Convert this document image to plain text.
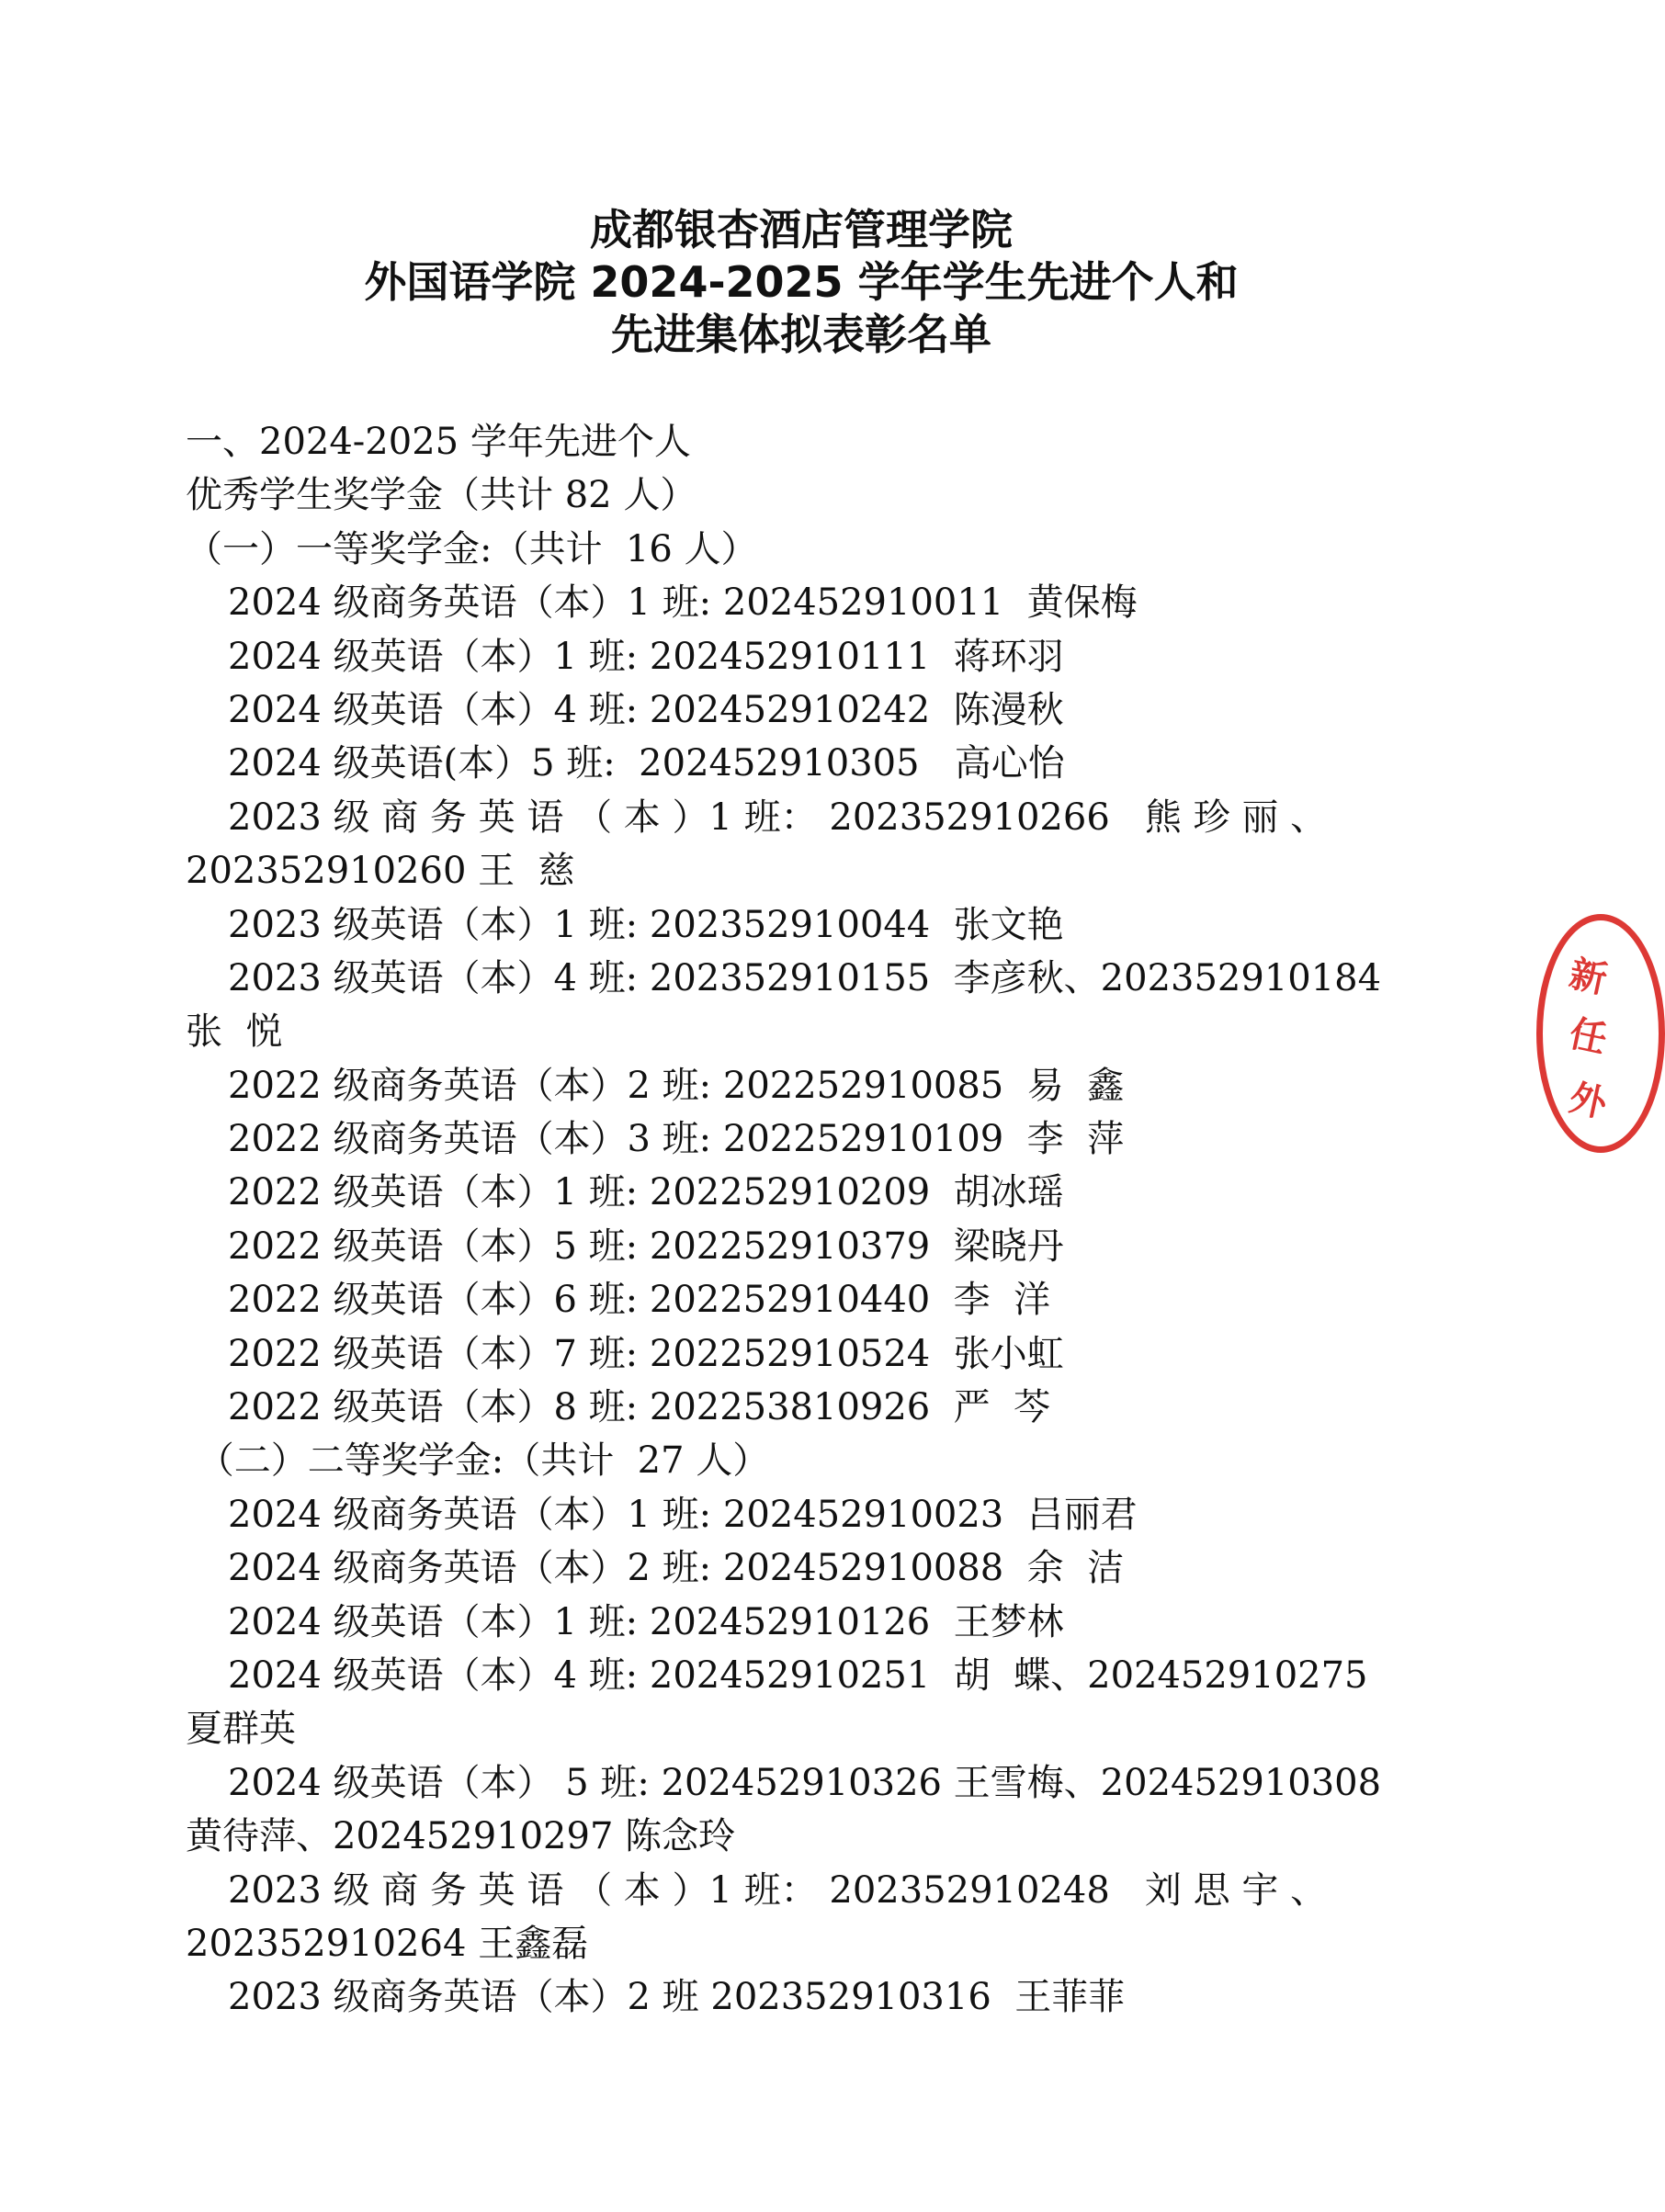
成都银杏酒店管理学院
外国语学院 2024-2025 学年学生先进个人和
先进集体拟表彰名单
一、2024-2025 学年先进个人
优秀学生奖学金（共计 82 人）
（一）一等奖学金:（共计  16 人）
2024 级商务英语（本）1 班: 202452910011  黄保梅
2024 级英语（本）1 班: 202452910111  蒋环羽
2024 级英语（本）4 班: 202452910242  陈漫秋
2024 级英语(本）5 班:  202452910305   高心怡
2023 级 商 务 英 语 （ 本 ）1 班： 202352910266   熊 珍 丽 、
202352910260 王  慈
2023 级英语（本）1 班: 202352910044  张文艳
2023 级英语（本）4 班: 202352910155  李彦秋、202352910184
张  悦
2022 级商务英语（本）2 班: 202252910085  易  鑫
2022 级商务英语（本）3 班: 202252910109  李  萍
2022 级英语（本）1 班: 202252910209  胡冰瑶
2022 级英语（本）5 班: 202252910379  梁晓丹
2022 级英语（本）6 班: 202252910440  李  洋
2022 级英语（本）7 班: 202252910524  张小虹
2022 级英语（本）8 班: 202253810926  严  芩
（二）二等奖学金:（共计  27 人）
2024 级商务英语（本）1 班: 202452910023  吕丽君
2024 级商务英语（本）2 班: 202452910088  余  洁
2024 级英语（本）1 班: 202452910126  王梦林
2024 级英语（本）4 班: 202452910251  胡  蝶、202452910275
夏群英
2024 级英语（本） 5 班: 202452910326 王雪梅、202452910308
黄待萍、202452910297 陈念玲
2023 级 商 务 英 语 （ 本 ）1 班： 202352910248   刘 思 宇 、
202352910264 王鑫磊
2023 级商务英语（本）2 班 202352910316  王菲菲
新
任
外
